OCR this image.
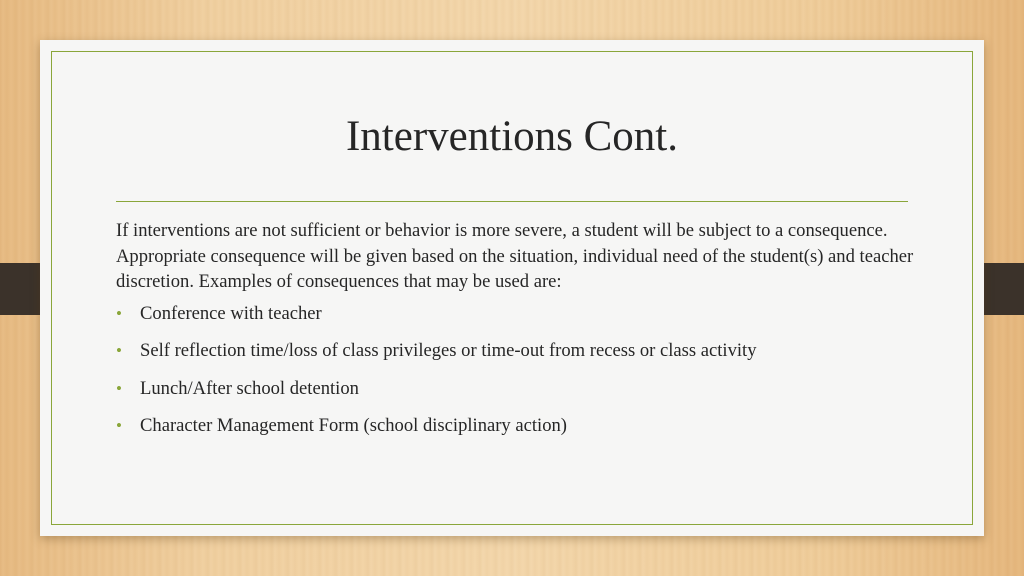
Interventions Cont.

If interventions are not sufficient or behavior is more severe, a student will be subject to a consequence. Appropriate consequence will be given based on the situation, individual need of the student(s) and teacher discretion. Examples of consequences that may be used are:

• Conference with teacher
• Self reflection time/loss of class privileges or time-out from recess or class activity
• Lunch/After school detention
• Character Management Form (school disciplinary action)
